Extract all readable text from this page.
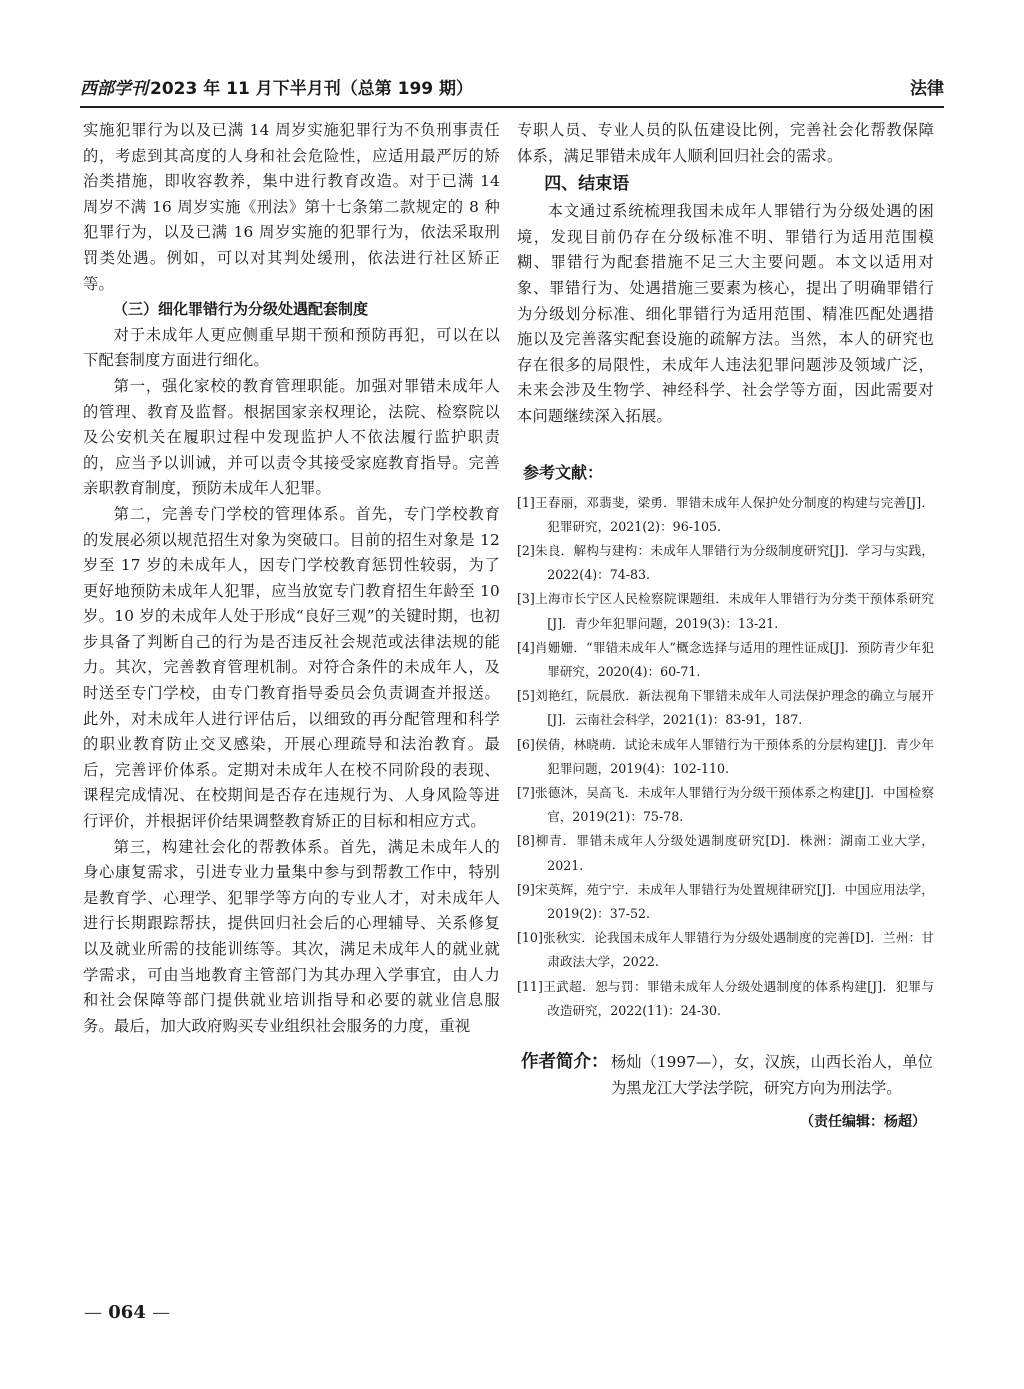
西部学刊 2023 年 11 月下半月刊（总第 199 期）	法律

实施犯罪行为以及已满 14 周岁实施犯罪行为不负刑事责任的，考虑到其高度的人身和社会危险性，应适用最严厉的矫治类措施，即收容教养，集中进行教育改造。对于已满 14 周岁不满 16 周岁实施《刑法》第十七条第二款规定的 8 种犯罪行为，以及已满 16 周岁实施的犯罪行为，依法采取刑罚类处遇。例如，可以对其判处缓刑，依法进行社区矫正等。

（三）细化罪错行为分级处遇配套制度

对于未成年人更应侧重早期干预和预防再犯，可以在以下配套制度方面进行细化。

第一，强化家校的教育管理职能。加强对罪错未成年人的管理、教育及监督。根据国家亲权理论，法院、检察院以及公安机关在履职过程中发现监护人不依法履行监护职责的，应当予以训诫，并可以责令其接受家庭教育指导。完善亲职教育制度，预防未成年人犯罪。

第二，完善专门学校的管理体系。首先，专门学校教育的发展必须以规范招生对象为突破口。目前的招生对象是 12 岁至 17 岁的未成年人，因专门学校教育惩罚性较弱，为了更好地预防未成年人犯罪，应当放宽专门教育招生年龄至 10 岁。10 岁的未成年人处于形成“良好三观”的关键时期，也初步具备了判断自己的行为是否违反社会规范或法律法规的能力。其次，完善教育管理机制。对符合条件的未成年人，及时送至专门学校，由专门教育指导委员会负责调查并报送。此外，对未成年人进行评估后，以细致的再分配管理和科学的职业教育防止交叉感染，开展心理疏导和法治教育。最后，完善评价体系。定期对未成年人在校不同阶段的表现、课程完成情况、在校期间是否存在违规行为、人身风险等进行评价，并根据评价结果调整教育矫正的目标和相应方式。

第三，构建社会化的帮教体系。首先，满足未成年人的身心康复需求，引进专业力量集中参与到帮教工作中，特别是教育学、心理学、犯罪学等方向的专业人才，对未成年人进行长期跟踪帮扶，提供回归社会后的心理辅导、关系修复以及就业所需的技能训练等。其次，满足未成年人的就业就学需求，可由当地教育主管部门为其办理入学事宜，由人力和社会保障等部门提供就业培训指导和必要的就业信息服务。最后，加大政府购买专业组织社会服务的力度，重视

专职人员、专业人员的队伍建设比例，完善社会化帮教保障体系，满足罪错未成年人顺利回归社会的需求。

四、结束语

本文通过系统梳理我国未成年人罪错行为分级处遇的困境，发现目前仍存在分级标准不明、罪错行为适用范围模糊、罪错行为配套措施不足三大主要问题。本文以适用对象、罪错行为、处遇措施三要素为核心，提出了明确罪错行为分级划分标准、细化罪错行为适用范围、精准匹配处遇措施以及完善落实配套设施的疏解方法。当然，本人的研究也存在很多的局限性，未成年人违法犯罪问题涉及领域广泛，未来会涉及生物学、神经科学、社会学等方面，因此需要对本问题继续深入拓展。

参考文献：

[1]王春丽，邓翡斐，梁勇．罪错未成年人保护处分制度的构建与完善[J]．犯罪研究，2021(2)：96-105.

[2]朱良．解构与建构：未成年人罪错行为分级制度研究[J]．学习与实践，2022(4)：74-83.

[3]上海市长宁区人民检察院课题组．未成年人罪错行为分类干预体系研究[J]．青少年犯罪问题，2019(3)：13-21.

[4]肖姗姗．“罪错未成年人”概念选择与适用的理性证成[J]．预防青少年犯罪研究，2020(4)：60-71.

[5]刘艳红，阮晨欣．新法视角下罪错未成年人司法保护理念的确立与展开[J]．云南社会科学，2021(1)：83-91，187.

[6]侯倩，林晓萌．试论未成年人罪错行为干预体系的分层构建[J]．青少年犯罪问题，2019(4)：102-110.

[7]张德沐，吴高飞．未成年人罪错行为分级干预体系之构建[J]．中国检察官，2019(21)：75-78.

[8]柳青．罪错未成年人分级处遇制度研究[D]．株洲：湖南工业大学，2021.

[9]宋英辉，苑宁宁．未成年人罪错行为处置规律研究[J]．中国应用法学，2019(2)：37-52.

[10]张秋实．论我国未成年人罪错行为分级处遇制度的完善[D]．兰州：甘肃政法大学，2022.

[11]王武超．恕与罚：罪错未成年人分级处遇制度的体系构建[J]．犯罪与改造研究，2022(11)：24-30.

作者简介： 杨灿（1997—），女，汉族，山西长治人，单位为黑龙江大学法学院，研究方向为刑法学。
（责任编辑：杨超）
— 064 —
